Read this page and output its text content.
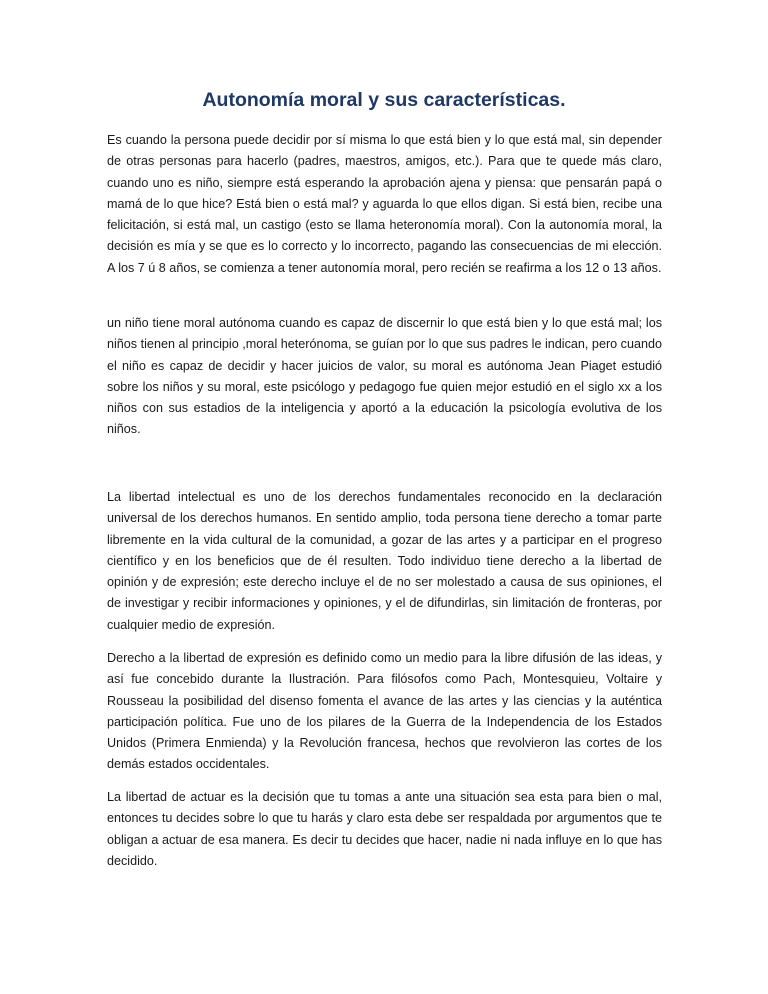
Autonomía moral y sus características.

Es cuando la persona puede decidir por sí misma lo que está bien y lo que está mal, sin depender de otras personas para hacerlo (padres, maestros, amigos, etc.). Para que te quede más claro, cuando uno es niño, siempre está esperando la aprobación ajena y piensa: que pensarán papá o mamá de lo que hice? Está bien o está mal? y aguarda lo que ellos digan. Si está bien, recibe una felicitación, si está mal, un castigo (esto se llama heteronomía moral). Con la autonomía moral, la decisión es mía y se que es lo correcto y lo incorrecto, pagando las consecuencias de mi elección. A los 7 ú 8 años, se comienza a tener autonomía moral, pero recién se reafirma a los 12 o 13 años.

un niño tiene moral autónoma cuando es capaz de discernir lo que está bien y lo que está mal; los niños tienen al principio ,moral heterónoma, se guían por lo que sus padres le indican, pero cuando el niño es capaz de decidir y hacer juicios de valor, su moral es autónoma Jean Piaget estudió sobre los niños y su moral, este psicólogo y pedagogo fue quien mejor estudió en el siglo xx a los niños con sus estadios de la inteligencia y aportó a la educación la psicología evolutiva de los niños.

La libertad intelectual es uno de los derechos fundamentales reconocido en la declaración universal de los derechos humanos. En sentido amplio, toda persona tiene derecho a tomar parte libremente en la vida cultural de la comunidad, a gozar de las artes y a participar en el progreso científico y en los beneficios que de él resulten. Todo individuo tiene derecho a la libertad de opinión y de expresión; este derecho incluye el de no ser molestado a causa de sus opiniones, el de investigar y recibir informaciones y opiniones, y el de difundirlas, sin limitación de fronteras, por cualquier medio de expresión.

Derecho a la libertad de expresión es definido como un medio para la libre difusión de las ideas, y así fue concebido durante la Ilustración. Para filósofos como Pach, Montesquieu, Voltaire y Rousseau la posibilidad del disenso fomenta el avance de las artes y las ciencias y la auténtica participación política. Fue uno de los pilares de la Guerra de la Independencia de los Estados Unidos (Primera Enmienda) y la Revolución francesa, hechos que revolvieron las cortes de los demás estados occidentales.

La libertad de actuar es la decisión que tu tomas a ante una situación sea esta para bien o mal, entonces tu decides sobre lo que tu harás y claro esta debe ser respaldada por argumentos que te obligan a actuar de esa manera. Es decir tu decides que hacer, nadie ni nada influye en lo que has decidido.
